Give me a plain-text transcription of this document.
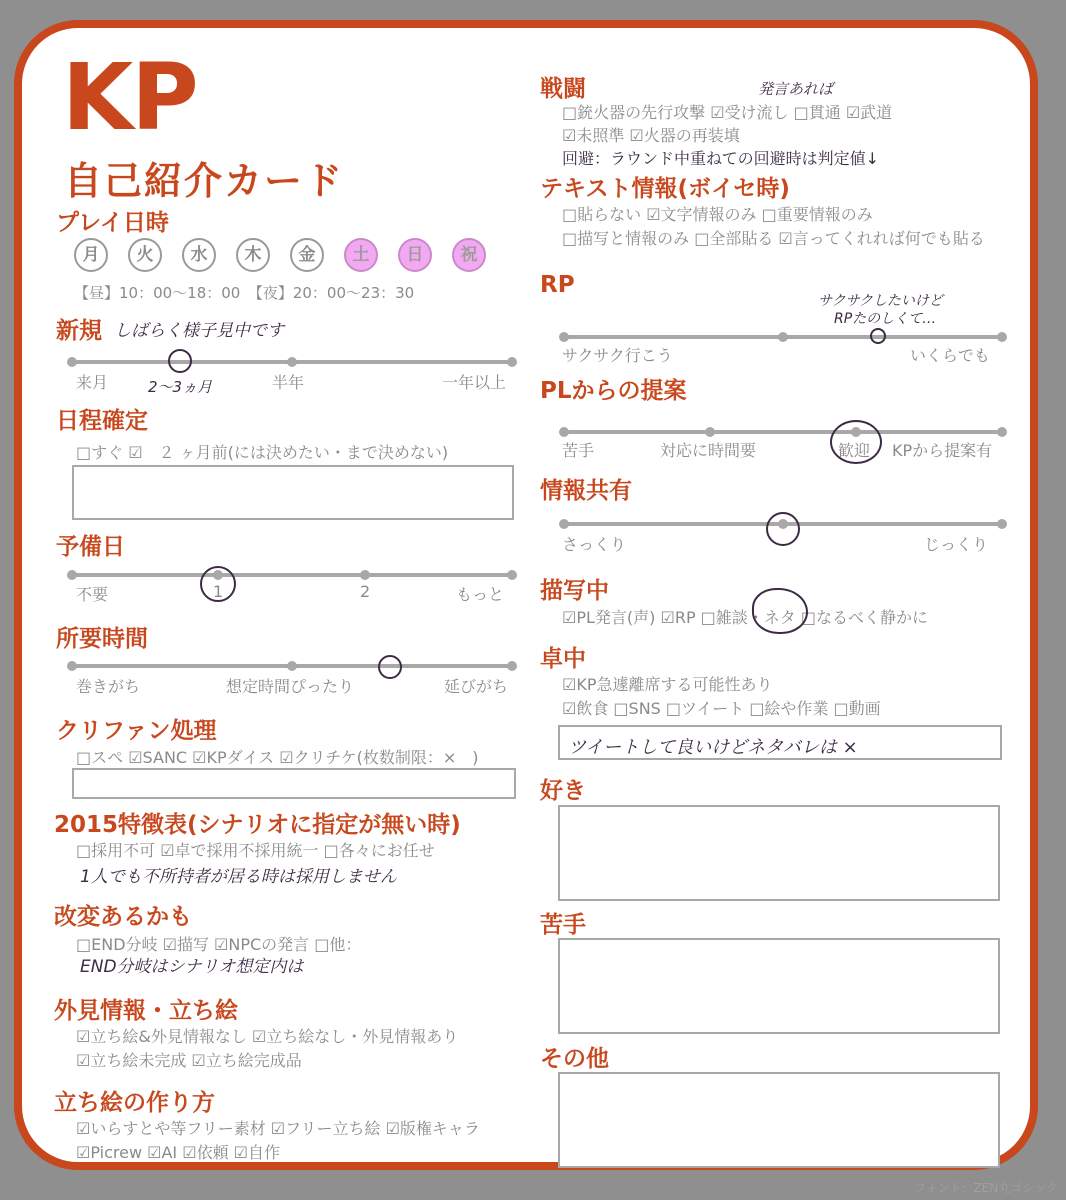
KP
自己紹介カード
プレイ日時
月	火	水	木	金	土	日	祝
【昼】10：00〜18：00　【夜】20：00〜23：30
新規 しばらく様子見中です
来月	半年	一年以上
2〜3ヵ月
日程確定
□すぐ ☑　２ ヶ月前(には決めたい・まで決めない)
予備日
不要	1	2	もっと
所要時間
巻きがち	想定時間ぴったり	延びがち
クリファン処理
□スペ ☑SANC ☑KPダイス ☑クリチケ(枚数制限：×　)
2015特徴表(シナリオに指定が無い時)
□採用不可 ☑卓で採用不採用統一 □各々にお任せ
1人でも不所持者が居る時は採用しません
改変あるかも
□END分岐 ☑描写 ☑NPCの発言 □他：
END分岐はシナリオ想定内は
外見情報・立ち絵
☑立ち絵&外見情報なし ☑立ち絵なし・外見情報あり
☑立ち絵未完成 ☑立ち絵完成品
立ち絵の作り方
☑いらすとや等フリー素材 ☑フリー立ち絵 ☑版権キャラ
☑Picrew ☑AI ☑依頼 ☑自作
戦闘	発言あれば
□銃火器の先行攻撃 ☑受け流し □貫通 ☑武道
☑未照準 ☑火器の再装填
回避：ラウンド中重ねての回避時は判定値↓
テキスト情報(ボイセ時)
□貼らない ☑文字情報のみ □重要情報のみ
□描写と情報のみ □全部貼る ☑言ってくれれば何でも貼る
RP
サクサクしたいけど
RPたのしくて…
サクサク行こう	いくらでも
PLからの提案
苦手	対応に時間要	歓迎 KPから提案有
情報共有
さっくり	じっくり
描写中
☑PL発言(声) ☑RP □雑談・ネタ □なるべく静かに
卓中
☑KP急遽離席する可能性あり
☑飲食 □SNS □ツイート □絵や作業 □動画
ツイートして良いけどネタバレは ×
好き
苦手
その他
フォント：ZEN丸ゴシック
